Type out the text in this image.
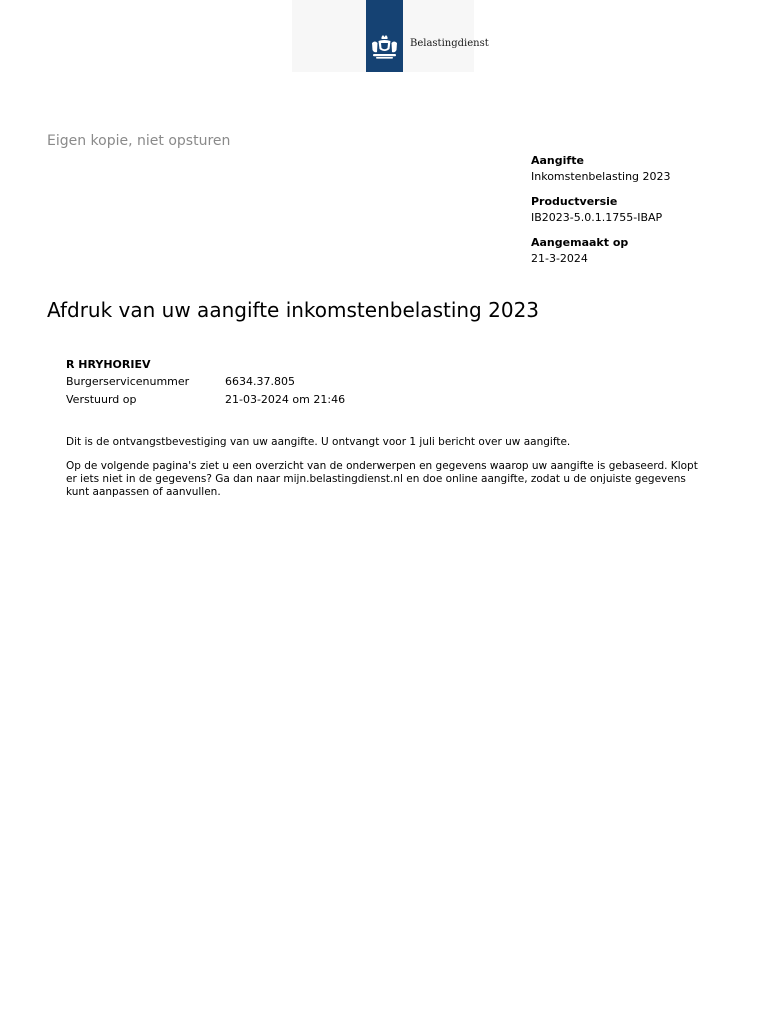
Belastingdienst
Eigen kopie, niet opsturen
Aangifte
Inkomstenbelasting 2023
Productversie
IB2023-5.0.1.1755-IBAP
Aangemaakt op
21-3-2024
Afdruk van uw aangifte inkomstenbelasting 2023
R HRYHORIEV
Burgerservicenummer	6634.37.805
Verstuurd op	21-03-2024 om 21:46

Dit is de ontvangstbevestiging van uw aangifte. U ontvangt voor 1 juli bericht over uw aangifte.

Op de volgende pagina's ziet u een overzicht van de onderwerpen en gegevens waarop uw aangifte is gebaseerd. Klopt er iets niet in de gegevens? Ga dan naar mijn.belastingdienst.nl en doe online aangifte, zodat u de onjuiste gegevens kunt aanpassen of aanvullen.
